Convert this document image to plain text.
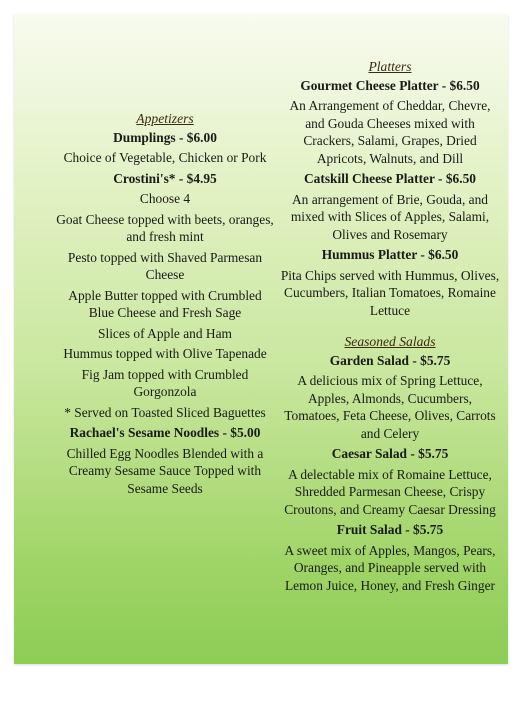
Appetizers
Dumplings - $6.00
Choice of Vegetable, Chicken or Pork
Crostini's* - $4.95
Choose 4
Goat Cheese topped with beets, oranges, and fresh mint
Pesto topped with Shaved Parmesan Cheese
Apple Butter topped with Crumbled Blue Cheese and Fresh Sage
Slices of Apple and Ham
Hummus topped with Olive Tapenade
Fig Jam topped with Crumbled Gorgonzola
* Served on Toasted Sliced Baguettes
Rachael's Sesame Noodles - $5.00
Chilled Egg Noodles Blended with a Creamy Sesame Sauce Topped with Sesame Seeds
Platters
Gourmet Cheese Platter - $6.50
An Arrangement of Cheddar, Chevre, and Gouda Cheeses mixed with Crackers, Salami, Grapes, Dried Apricots, Walnuts, and Dill
Catskill Cheese Platter - $6.50
An arrangement of Brie, Gouda, and mixed with Slices of Apples, Salami, Olives and Rosemary
Hummus Platter - $6.50
Pita Chips served with Hummus, Olives, Cucumbers, Italian Tomatoes, Romaine Lettuce
Seasoned Salads
Garden Salad - $5.75
A delicious mix of Spring Lettuce, Apples, Almonds, Cucumbers, Tomatoes, Feta Cheese, Olives, Carrots and Celery
Caesar Salad - $5.75
A delectable mix of Romaine Lettuce, Shredded Parmesan Cheese, Crispy Croutons, and Creamy Caesar Dressing
Fruit Salad - $5.75
A sweet mix of Apples, Mangos, Pears, Oranges, and Pineapple served with Lemon Juice, Honey, and Fresh Ginger
